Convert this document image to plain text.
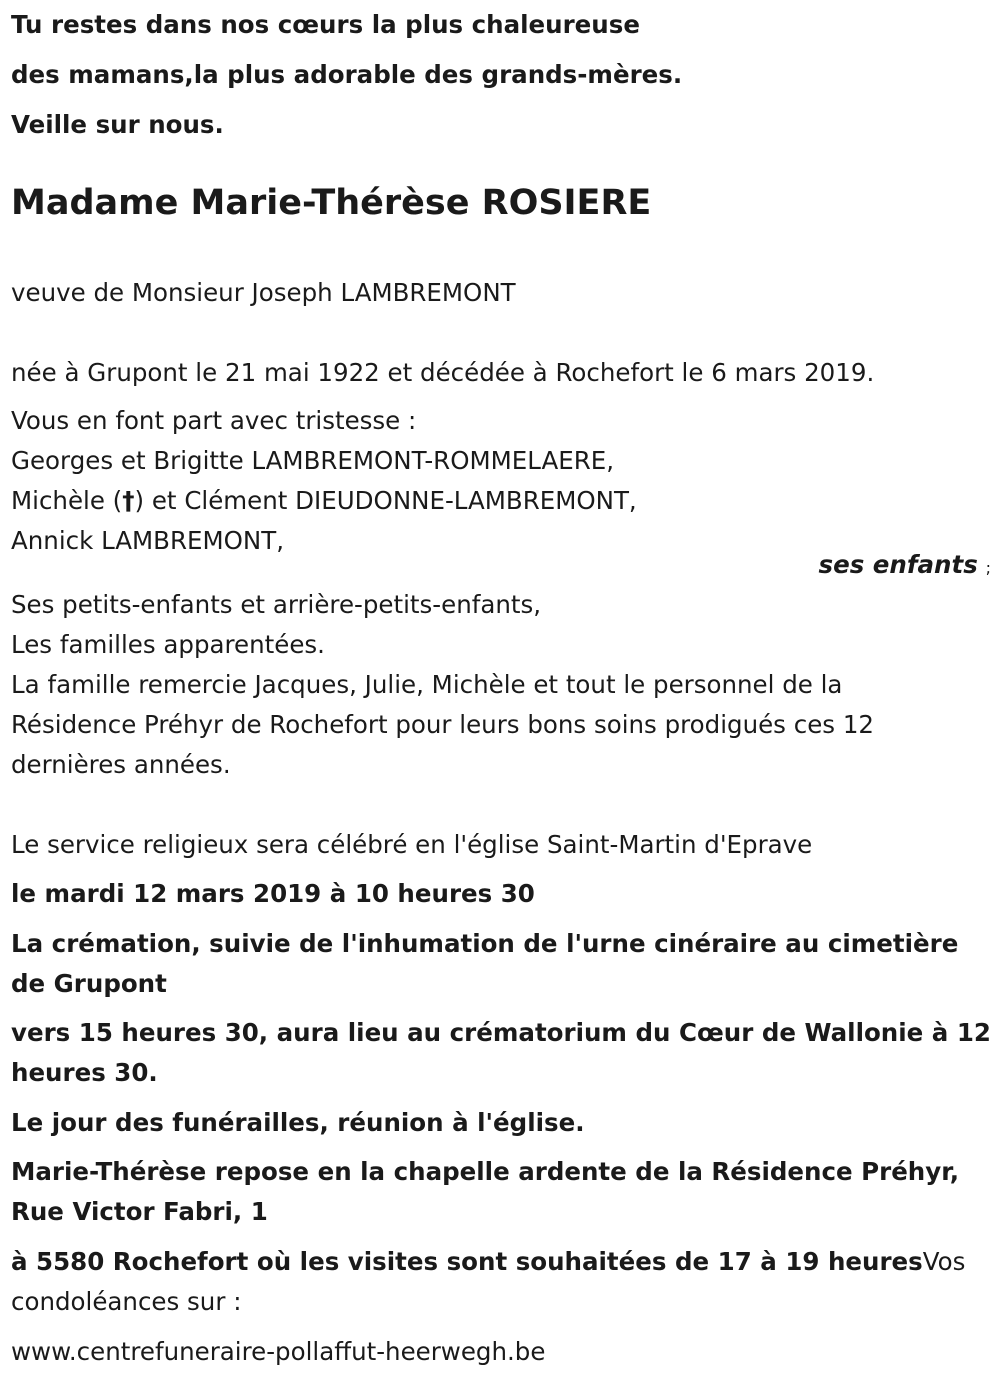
Tu restes dans nos cœurs la plus chaleureuse
des mamans,la plus adorable des grands-mères.
Veille sur nous.
Madame Marie-Thérèse ROSIERE
veuve de Monsieur Joseph LAMBREMONT
née à Grupont le 21 mai 1922 et décédée à Rochefort le 6 mars 2019.
Vous en font part avec tristesse :
Georges et Brigitte LAMBREMONT-ROMMELAERE,
Michèle (†) et Clément DIEUDONNE-LAMBREMONT,
Annick LAMBREMONT,
ses enfants ;
Ses petits-enfants et arrière-petits-enfants,
Les familles apparentées.
La famille remercie Jacques, Julie, Michèle et tout le personnel de la
Résidence Préhyr de Rochefort pour leurs bons soins prodigués ces 12
dernières années.
Le service religieux sera célébré en l'église Saint-Martin d'Eprave
le mardi 12 mars 2019 à 10 heures 30
La crémation, suivie de l'inhumation de l'urne cinéraire au cimetière
de Grupont
vers 15 heures 30, aura lieu au crématorium du Cœur de Wallonie à 12
heures 30.
Le jour des funérailles, réunion à l'église.
Marie-Thérèse repose en la chapelle ardente de la Résidence Préhyr,
Rue Victor Fabri, 1
à 5580 Rochefort où les visites sont souhaitées de 17 à 19 heuresVos
condoléances sur :
www.centrefuneraire-pollaffut-heerwegh.be
